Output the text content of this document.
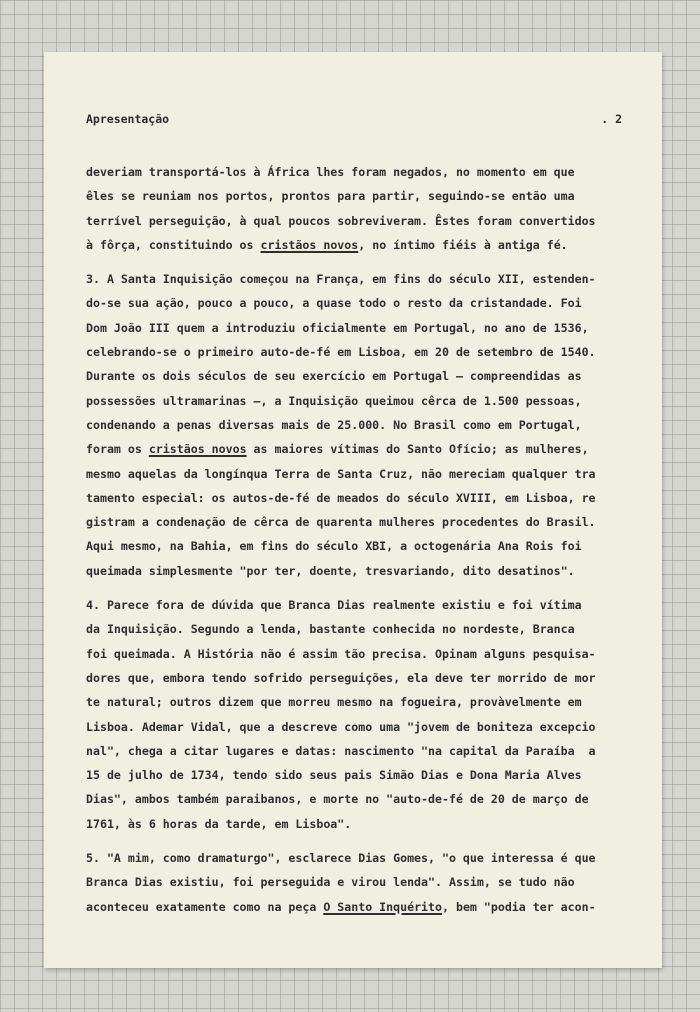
Apresentação	. 2
deveriam transportá-los à África lhes foram negados, no momento em que
êles se reuniam nos portos, prontos para partir, seguindo-se então uma
terrível perseguição, à qual poucos sobreviveram. Êstes foram convertidos
à fôrça, constituindo os cristãos novos, no íntimo fiéis à antiga fé.
3. A Santa Inquisição começou na França, em fins do século XII, estenden-
do-se sua ação, pouco a pouco, a quase todo o resto da cristandade. Foi
Dom João III quem a introduziu oficialmente em Portugal, no ano de 1536,
celebrando-se o primeiro auto-de-fé em Lisboa, em 20 de setembro de 1540.
Durante os dois séculos de seu exercício em Portugal — compreendidas as
possessões ultramarinas —, a Inquisição queimou cêrca de 1.500 pessoas,
condenando a penas diversas mais de 25.000. No Brasil como em Portugal,
foram os cristãos novos as maiores vítimas do Santo Ofício; as mulheres,
mesmo aquelas da longínqua Terra de Santa Cruz, não mereciam qualquer tra
tamento especial: os autos-de-fé de meados do século XVIII, em Lisboa, re
gistram a condenação de cêrca de quarenta mulheres procedentes do Brasil.
Aqui mesmo, na Bahia, em fins do século XBI, a octogenária Ana Rois foi
queimada simplesmente "por ter, doente, tresvariando, dito desatinos".
4. Parece fora de dúvida que Branca Dias realmente existiu e foi vítima
da Inquisição. Segundo a lenda, bastante conhecida no nordeste, Branca
foi queimada. A História não é assim tão precisa. Opinam alguns pesquisa-
dores que, embora tendo sofrido perseguições, ela deve ter morrido de mor
te natural; outros dizem que morreu mesmo na fogueira, provàvelmente em
Lisboa. Ademar Vidal, que a descreve como uma "jovem de boniteza excepcio
nal", chega a citar lugares e datas: nascimento "na capital da Paraíba  a
15 de julho de 1734, tendo sido seus pais Simão Dias e Dona Maria Alves
Dias", ambos também paraibanos, e morte no "auto-de-fé de 20 de março de
1761, às 6 horas da tarde, em Lisboa".
5. "A mim, como dramaturgo", esclarece Dias Gomes, "o que interessa é que
Branca Dias existiu, foi perseguida e virou lenda". Assim, se tudo não
aconteceu exatamente como na peça O Santo Inquérito, bem "podia ter acon-
